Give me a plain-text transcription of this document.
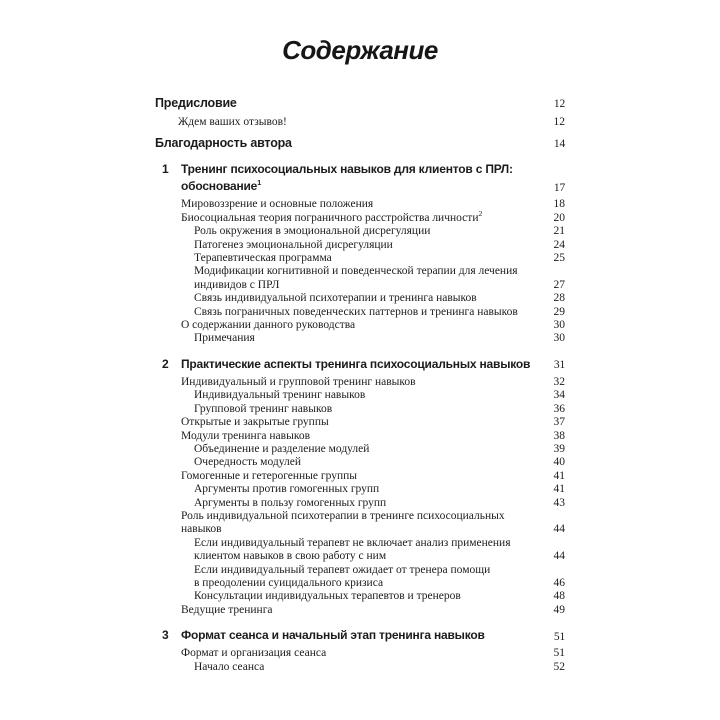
Содержание
Предисловие	12
Ждем ваших отзывов!	12
Благодарность автора	14
1	Тренинг психосоциальных навыков для клиентов с ПРЛ:
обоснование$^1$	17
Мировоззрение и основные положения	18
Биосоциальная теория пограничного расстройства личности$^2$	20
Роль окружения в эмоциональной дисрегуляции	21
Патогенез эмоциональной дисрегуляции	24
Терапевтическая программа	25
Модификации когнитивной и поведенческой терапии для лечения
индивидов с ПРЛ	27
Связь индивидуальной психотерапии и тренинга навыков	28
Связь пограничных поведенческих паттернов и тренинга навыков	29
О содержании данного руководства	30
Примечания	30
2	Практические аспекты тренинга психосоциальных навыков	31
Индивидуальный и групповой тренинг навыков	32
Индивидуальный тренинг навыков	34
Групповой тренинг навыков	36
Открытые и закрытые группы	37
Модули тренинга навыков	38
Объединение и разделение модулей	39
Очередность модулей	40
Гомогенные и гетерогенные группы	41
Аргументы против гомогенных групп	41
Аргументы в пользу гомогенных групп	43
Роль индивидуальной психотерапии в тренинге психосоциальных
навыков	44
Если индивидуальный терапевт не включает анализ применения
клиентом навыков в свою работу с ним	44
Если индивидуальный терапевт ожидает от тренера помощи
в преодолении суицидального кризиса	46
Консультации индивидуальных терапевтов и тренеров	48
Ведущие тренинга	49
3	Формат сеанса и начальный этап тренинга навыков	51
Формат и организация сеанса	51
Начало сеанса	52
